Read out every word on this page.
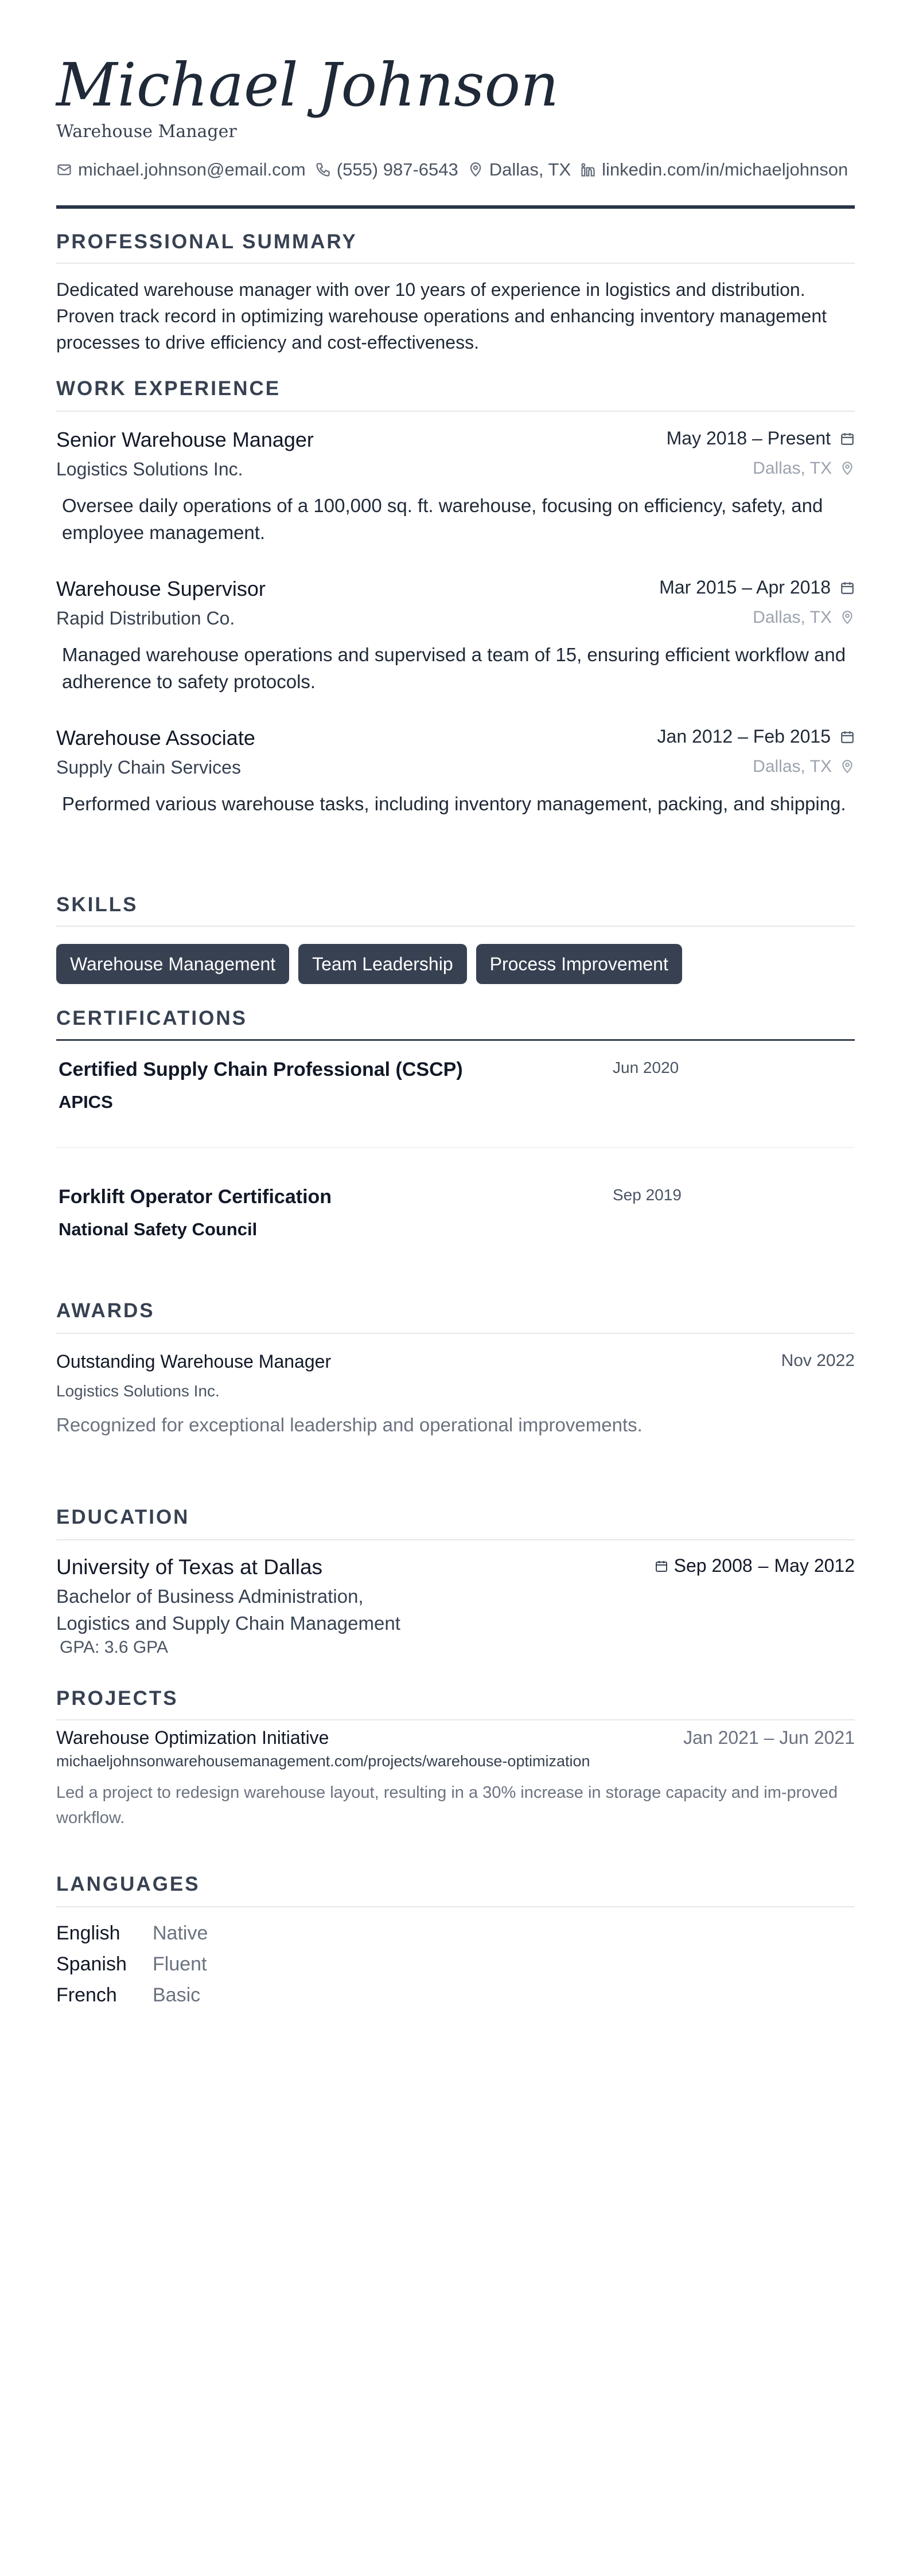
Michael Johnson
Warehouse Manager
michael.johnson@email.com (555) 987-6543 Dallas, TX linkedin.com/in/michaeljohnson
PROFESSIONAL SUMMARY
Dedicated warehouse manager with over 10 years of experience in logistics and distribution. Proven track record in optimizing warehouse operations and enhancing inventory management processes to drive efficiency and cost-effectiveness.
WORK EXPERIENCE
Senior Warehouse Manager	May 2018 – Present
Logistics Solutions Inc.	Dallas, TX
Oversee daily operations of a 100,000 sq. ft. warehouse, focusing on efficiency, safety, and employee management.
Warehouse Supervisor	Mar 2015 – Apr 2018
Rapid Distribution Co.	Dallas, TX
Managed warehouse operations and supervised a team of 15, ensuring efficient workflow and adherence to safety protocols.
Warehouse Associate	Jan 2012 – Feb 2015
Supply Chain Services	Dallas, TX
Performed various warehouse tasks, including inventory management, packing, and shipping.
SKILLS
Warehouse Management	Team Leadership	Process Improvement
CERTIFICATIONS
Certified Supply Chain Professional (CSCP)	Jun 2020
APICS
Forklift Operator Certification	Sep 2019
National Safety Council
AWARDS
Outstanding Warehouse Manager	Nov 2022
Logistics Solutions Inc.
Recognized for exceptional leadership and operational improvements.
EDUCATION
University of Texas at Dallas	Sep 2008 – May 2012
Bachelor of Business Administration,
Logistics and Supply Chain Management
GPA: 3.6 GPA
PROJECTS
Warehouse Optimization Initiative	Jan 2021 – Jun 2021
michaeljohnsonwarehousemanagement.com/projects/warehouse-optimization
Led a project to redesign warehouse layout, resulting in a 30% increase in storage capacity and im-proved workflow.
LANGUAGES
English Native
Spanish Fluent
French Basic
